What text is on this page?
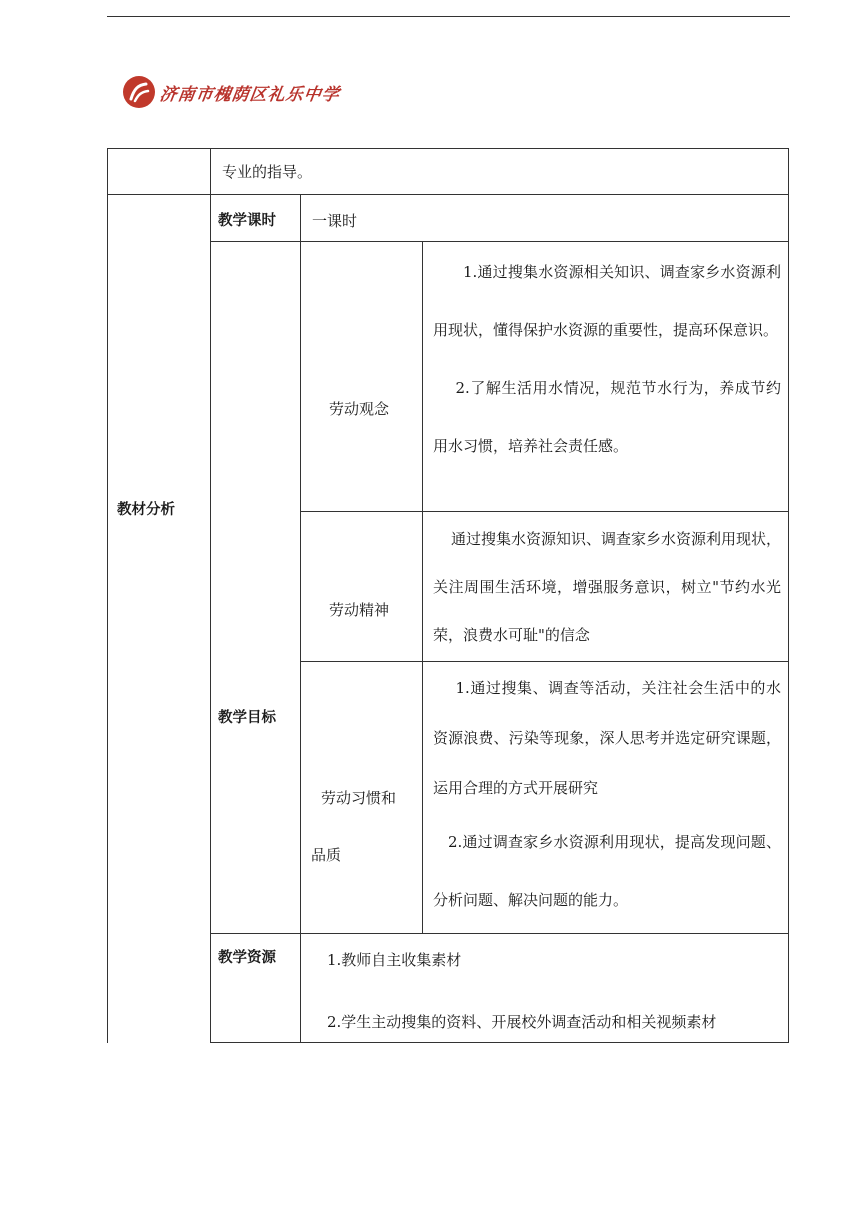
济南市槐荫区礼乐中学
专业的指导。
教材分析
教学课时 一课时
教学目标
劳动观念

1.通过搜集水资源相关知识、调查家乡水资源利用现状，懂得保护水资源的重要性，提高环保意识。

2.了解生活用水情况，规范节水行为，养成节约用水习惯，培养社会责任感。

劳动精神

通过搜集水资源知识、调查家乡水资源利用现状，关注周围生活环境，增强服务意识，树立"节约水光荣，浪费水可耻"的信念

劳动习惯和
品质

1.通过搜集、调查等活动，关注社会生活中的水资源浪费、污染等现象，深人思考并选定研究课题，运用合理的方式开展研究

2.通过调查家乡水资源利用现状，提高发现问题、分析问题、解决问题的能力。

教学资源	1.教师自主收集素材
2.学生主动搜集的资料、开展校外调查活动和相关视频素材
